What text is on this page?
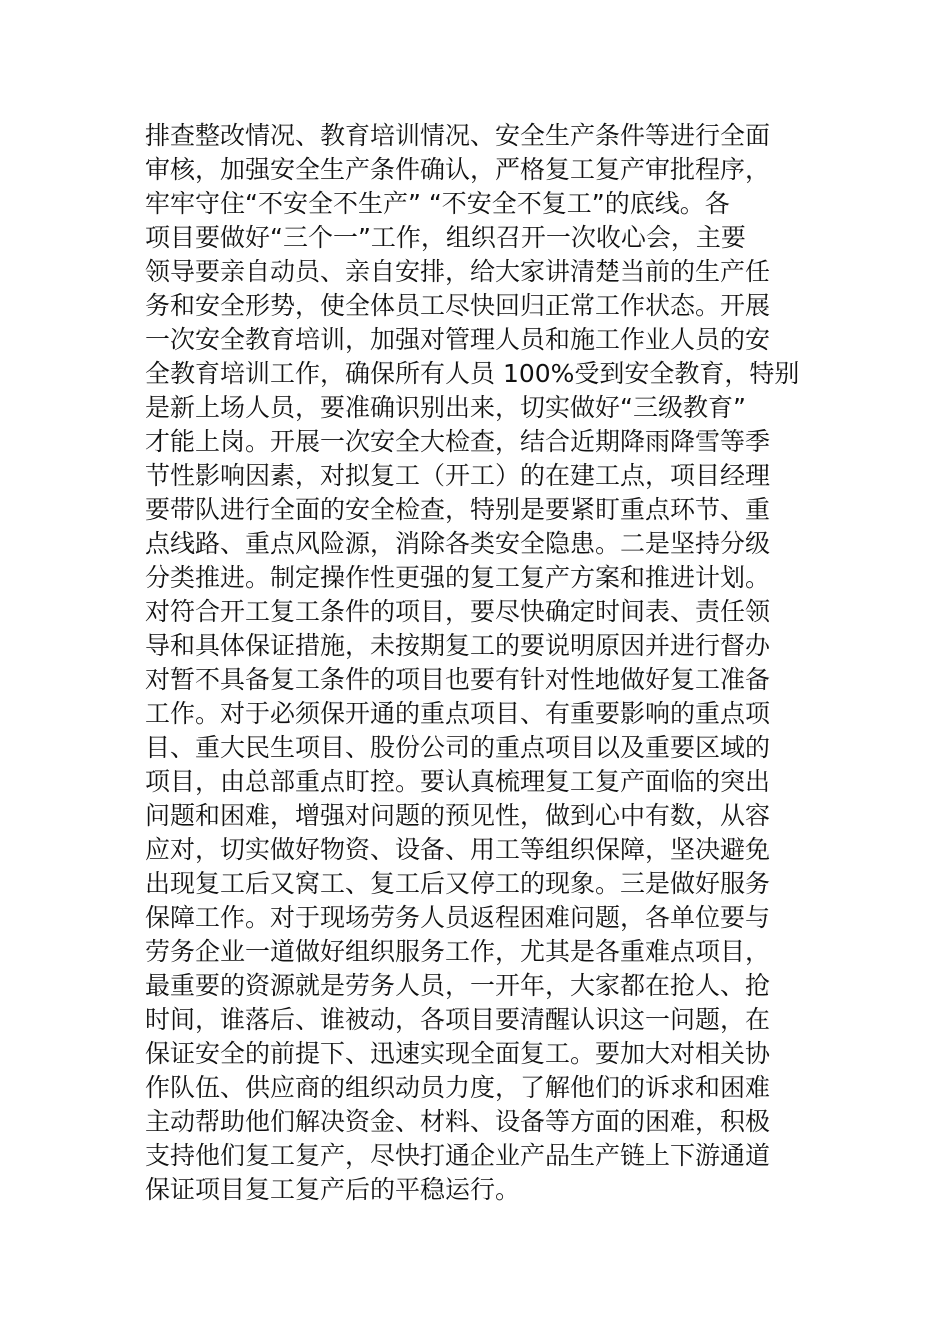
排查整改情况、教育培训情况、安全生产条件等进行全面
审核，加强安全生产条件确认，严格复工复产审批程序，
牢牢守住“不安全不生产” “不安全不复工”的底线。各
项目要做好“三个一”工作，组织召开一次收心会，主要
领导要亲自动员、亲自安排，给大家讲清楚当前的生产任
务和安全形势，使全体员工尽快回归正常工作状态。开展
一次安全教育培训，加强对管理人员和施工作业人员的安
全教育培训工作，确保所有人员 100%受到安全教育，特别
是新上场人员，要准确识别出来，切实做好“三级教育”
才能上岗。开展一次安全大检查，结合近期降雨降雪等季
节性影响因素，对拟复工（开工）的在建工点，项目经理
要带队进行全面的安全检查，特别是要紧盯重点环节、重
点线路、重点风险源，消除各类安全隐患。二是坚持分级
分类推进。制定操作性更强的复工复产方案和推进计划。
对符合开工复工条件的项目，要尽快确定时间表、责任领
导和具体保证措施，未按期复工的要说明原因并进行督办
对暂不具备复工条件的项目也要有针对性地做好复工准备
工作。对于必须保开通的重点项目、有重要影响的重点项
目、重大民生项目、股份公司的重点项目以及重要区域的
项目，由总部重点盯控。要认真梳理复工复产面临的突出
问题和困难，增强对问题的预见性，做到心中有数，从容
应对，切实做好物资、设备、用工等组织保障，坚决避免
出现复工后又窝工、复工后又停工的现象。三是做好服务
保障工作。对于现场劳务人员返程困难问题，各单位要与
劳务企业一道做好组织服务工作，尤其是各重难点项目，
最重要的资源就是劳务人员，一开年，大家都在抢人、抢
时间，谁落后、谁被动，各项目要清醒认识这一问题，在
保证安全的前提下、迅速实现全面复工。要加大对相关协
作队伍、供应商的组织动员力度，了解他们的诉求和困难
主动帮助他们解决资金、材料、设备等方面的困难，积极
支持他们复工复产，尽快打通企业产品生产链上下游通道
保证项目复工复产后的平稳运行。
